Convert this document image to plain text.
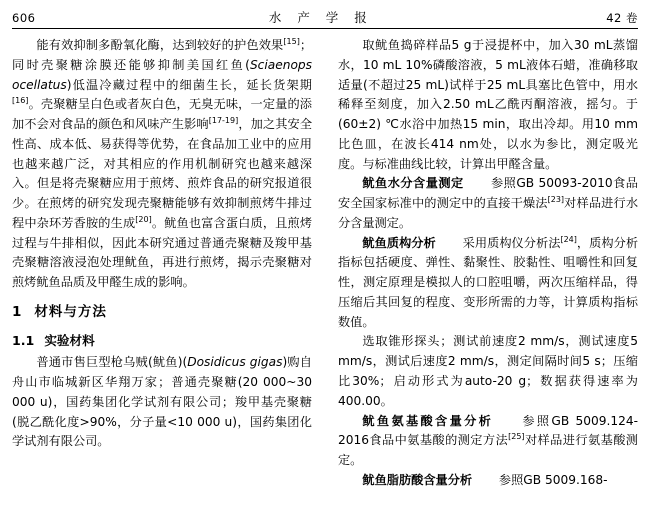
606	水 产 学 报	42 卷

能有效抑制多酚氧化酶，达到较好的护色效果[15]；同时壳聚糖涂膜还能够抑制美国红鱼(Sciaenops ocellatus)低温冷藏过程中的细菌生长，延长货架期[16]。壳聚糖呈白色或者灰白色，无臭无味，一定量的添加不会对食品的颜色和风味产生影响[17-19]，加之其安全性高、成本低、易获得等优势，在食品加工业中的应用也越来越广泛，对其相应的作用机制研究也越来越深入。但是将壳聚糖应用于煎烤、煎炸食品的研究报道很少。在煎烤的研究发现壳聚糖能够有效抑制煎烤牛排过程中杂环芳香胺的生成[20]。鱿鱼也富含蛋白质，且煎烤过程与牛排相似，因此本研究通过普通壳聚糖及羧甲基壳聚糖溶液浸泡处理鱿鱼，再进行煎烤，揭示壳聚糖对煎烤鱿鱼品质及甲醛生成的影响。

1 材料与方法

1.1 实验材料

普通市售巨型枪乌贼(鱿鱼)(Dosidicus gigas)购自舟山市临城新区华翔万家；普通壳聚糖(20 000~30 000 u)，国药集团化学试剂有限公司；羧甲基壳聚糖(脱乙酰化度>90%，分子量<10 000 u)，国药集团化学试剂有限公司。

取鱿鱼捣碎样品5 g于浸提杯中，加入30 mL蒸馏水，10 mL 10%磷酸溶液，5 mL液体石蜡，准确移取适量(不超过25 mL)试样于25 mL具塞比色管中，用水稀释至刻度，加入2.50 mL乙酰丙酮溶液，摇匀。于(60±2) ℃水浴中加热15 min，取出冷却。用10 mm比色皿，在波长414 nm处，以水为参比，测定吸光度。与标准曲线比较，计算出甲醛含量。

鱿鱼水分含量测定 参照GB 50093-2010食品安全国家标准中的测定中的直接干燥法[23]对样品进行水分含量测定。

鱿鱼质构分析 采用质构仪分析法[24]，质构分析指标包括硬度、弹性、黏聚性、胶黏性、咀嚼性和回复性，测定原理是模拟人的口腔咀嚼，两次压缩样品，得压缩后其回复的程度、变形所需的力等，计算质构指标数值。

选取锥形探头；测试前速度2 mm/s，测试速度5 mm/s，测试后速度2 mm/s，测定间隔时间5 s；压缩比30%；启动形式为auto-20 g；数据获得速率为400.00。

鱿鱼氨基酸含量分析 参照GB 5009.124-2016食品中氨基酸的测定方法[25]对样品进行氨基酸测定。

鱿鱼脂肪酸含量分析 参照GB 5009.168-
